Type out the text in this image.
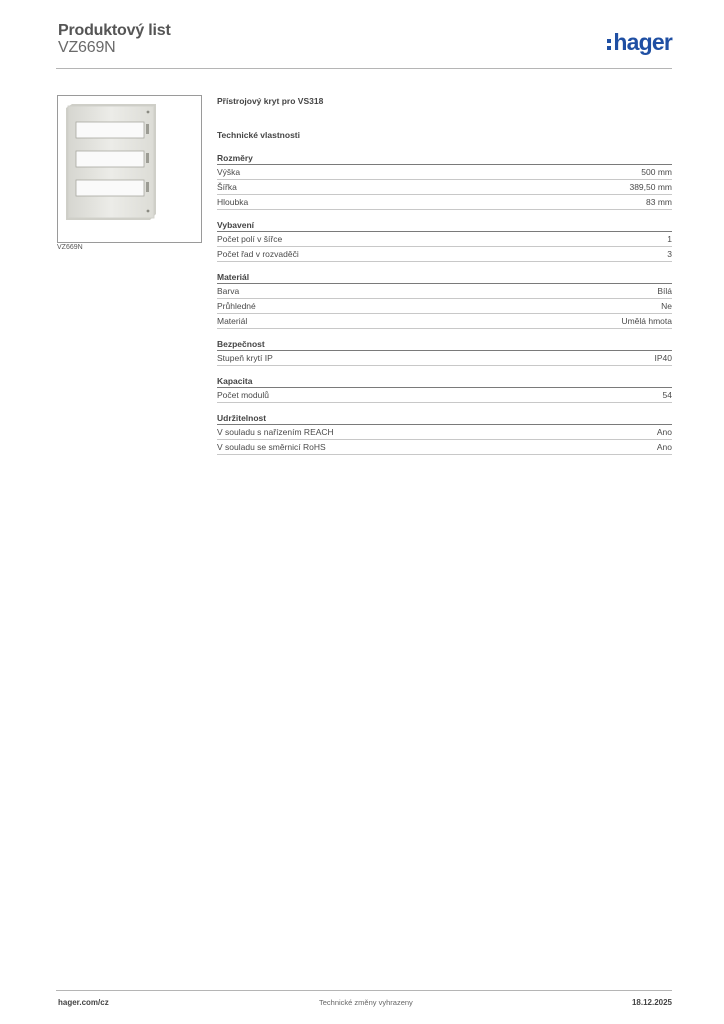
Produktový list
VZ669N	hager
VZ669N
Přístrojový kryt pro VS318
Technické vlastnosti
Rozměry
Výška	500 mm
Šířka	389,50 mm
Hloubka	83 mm
Vybavení
Počet polí v šířce	1
Počet řad v rozvaděči	3
Materiál
Barva	Bílá
Průhledné	Ne
Materiál	Umělá hmota
Bezpečnost
Stupeň krytí IP	IP40
Kapacita
Počet modulů	54
Udržitelnost
V souladu s nařízením REACH	Ano
V souladu se směrnicí RoHS	Ano
hager.com/cz	Technické změny vyhrazeny	18.12.2025
